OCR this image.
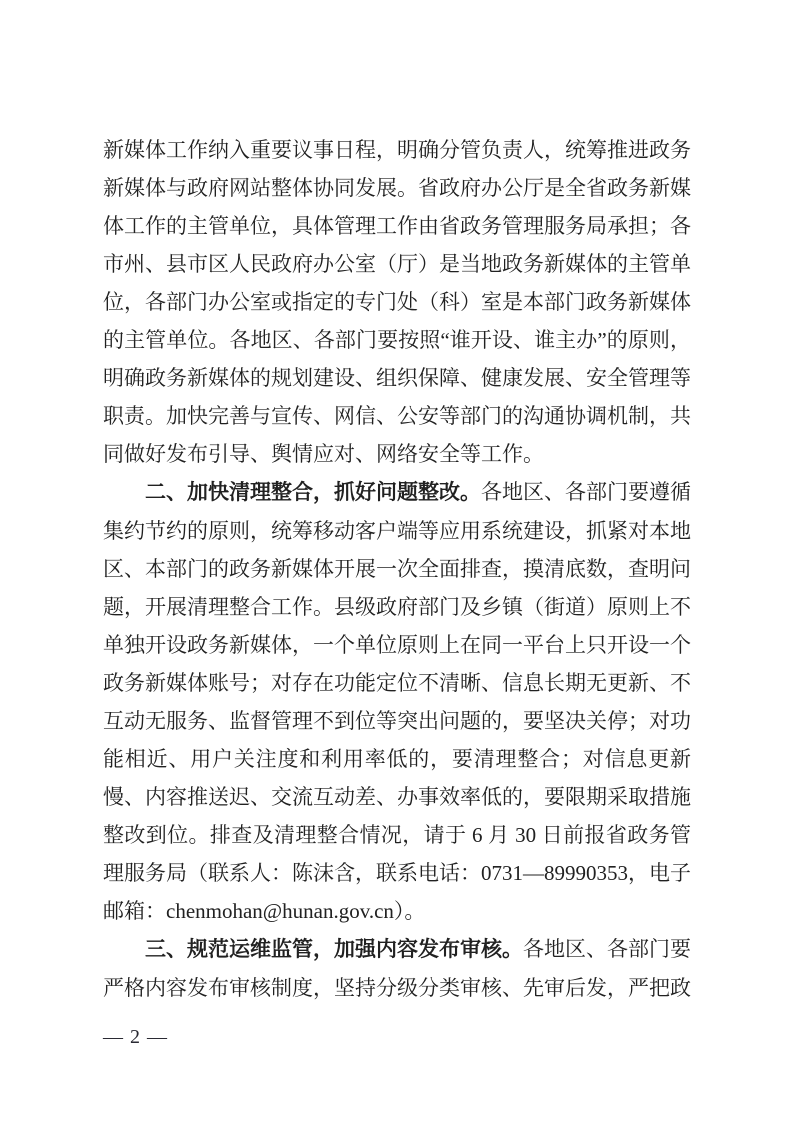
新媒体工作纳入重要议事日程，明确分管负责人，统筹推进政务新媒体与政府网站整体协同发展。省政府办公厅是全省政务新媒体工作的主管单位，具体管理工作由省政务管理服务局承担；各市州、县市区人民政府办公室（厅）是当地政务新媒体的主管单位，各部门办公室或指定的专门处（科）室是本部门政务新媒体的主管单位。各地区、各部门要按照“谁开设、谁主办”的原则，明确政务新媒体的规划建设、组织保障、健康发展、安全管理等职责。加快完善与宣传、网信、公安等部门的沟通协调机制，共同做好发布引导、舆情应对、网络安全等工作。

二、加快清理整合，抓好问题整改。各地区、各部门要遵循集约节约的原则，统筹移动客户端等应用系统建设，抓紧对本地区、本部门的政务新媒体开展一次全面排查，摸清底数，查明问题，开展清理整合工作。县级政府部门及乡镇（街道）原则上不单独开设政务新媒体，一个单位原则上在同一平台上只开设一个政务新媒体账号；对存在功能定位不清晰、信息长期无更新、不互动无服务、监督管理不到位等突出问题的，要坚决关停；对功能相近、用户关注度和利用率低的，要清理整合；对信息更新慢、内容推送迟、交流互动差、办事效率低的，要限期采取措施整改到位。排查及清理整合情况，请于 6 月 30 日前报省政务管理服务局（联系人：陈沫含，联系电话：0731—89990353，电子邮箱：chenmohan@hunan.gov.cn）。

三、规范运维监管，加强内容发布审核。各地区、各部门要严格内容发布审核制度，坚持分级分类审核、先审后发，严把政

— 2 —
